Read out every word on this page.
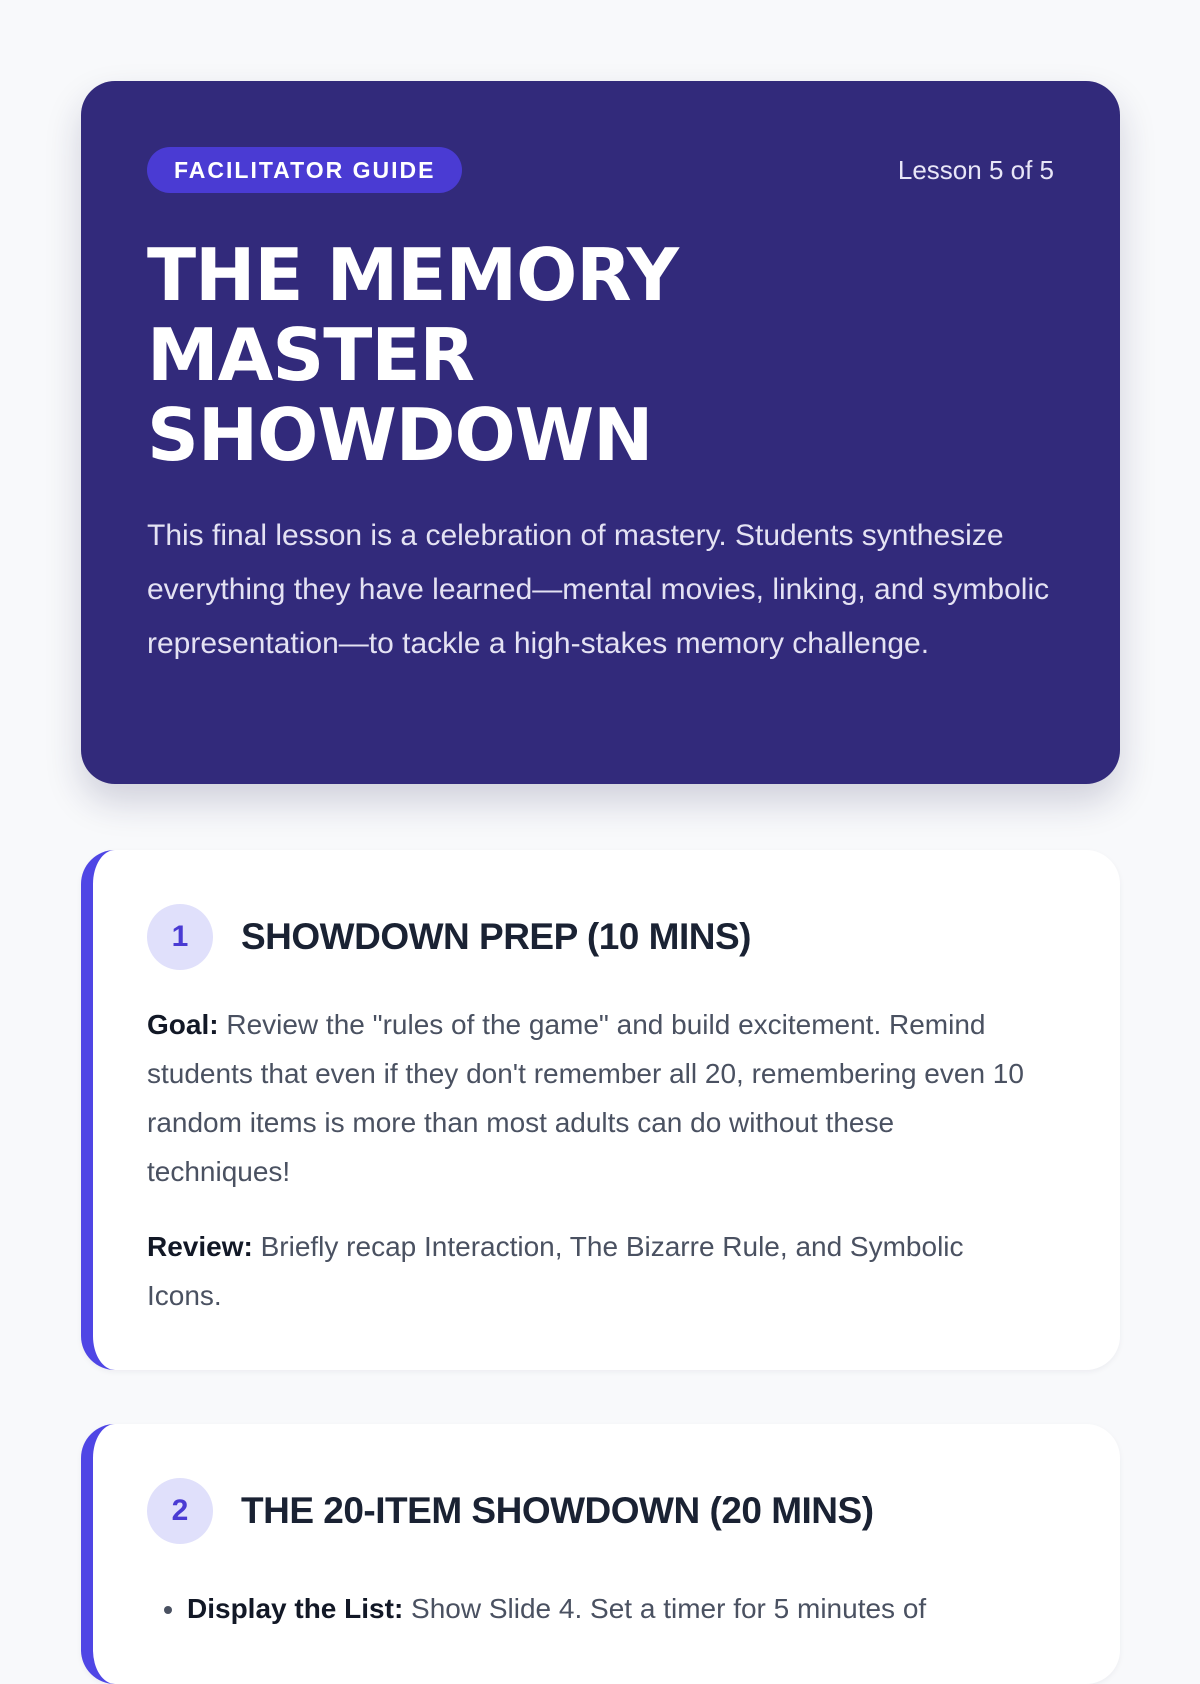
FACILITATOR GUIDE	Lesson 5 of 5
THE MEMORY MASTER SHOWDOWN

This final lesson is a celebration of mastery. Students synthesize everything they have learned—mental movies, linking, and symbolic representation—to tackle a high-stakes memory challenge.

1	SHOWDOWN PREP (10 MINS)

Goal: Review the "rules of the game" and build excitement. Remind students that even if they don't remember all 20, remembering even 10 random items is more than most adults can do without these techniques!

Review: Briefly recap Interaction, The Bizarre Rule, and Symbolic Icons.

2	THE 20-ITEM SHOWDOWN (20 MINS)
• Display the List: Show Slide 4. Set a timer for 5 minutes of
